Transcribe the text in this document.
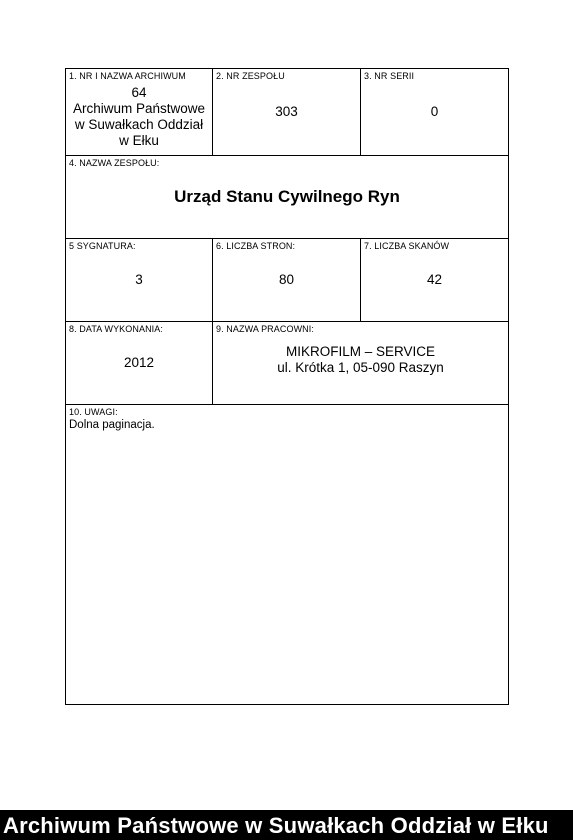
1. NR I NAZWA ARCHIWUM
64
Archiwum Państwowe
w Suwałkach Oddział
w Ełku
2. NR ZESPOŁU
303
3. NR SERII
0
4. NAZWA ZESPOŁU:
Urząd Stanu Cywilnego Ryn
5 SYGNATURA:
3
6. LICZBA STRON:
80
7. LICZBA SKANÓW
42
8. DATA WYKONANIA:
2012
9. NAZWA PRACOWNI:
MIKROFILM – SERVICE
ul. Krótka 1, 05-090 Raszyn
10. UWAGI:
Dolna paginacja.
Archiwum Państwowe w Suwałkach Oddział w Ełku
